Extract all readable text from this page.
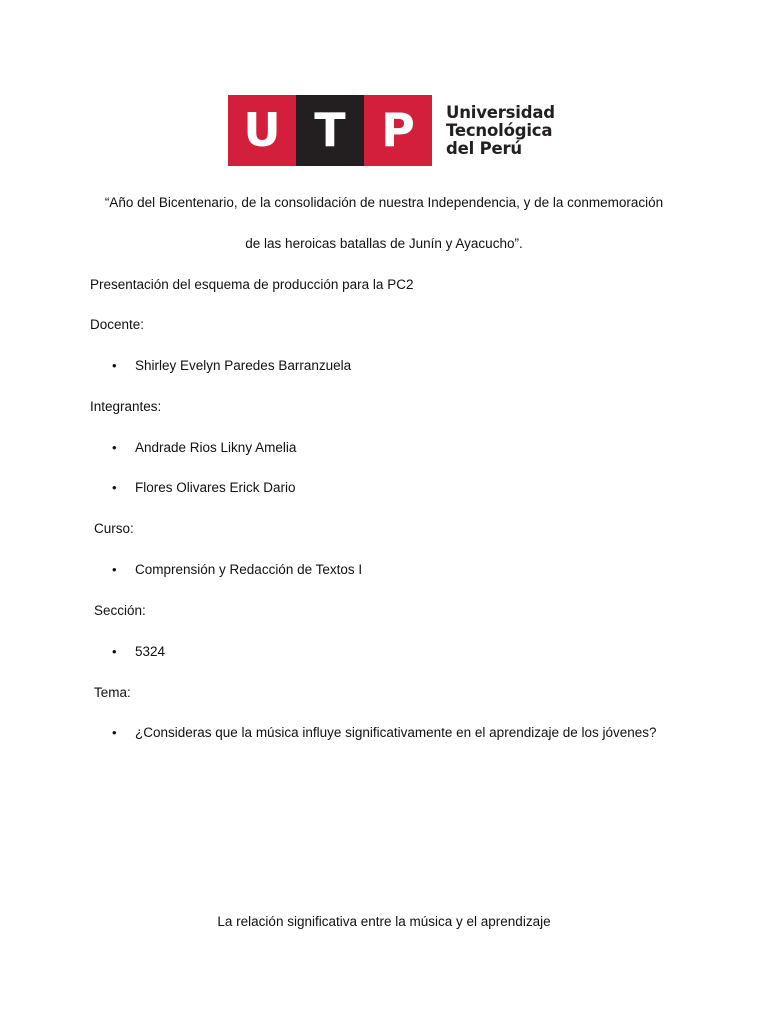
U T P	Universidad
Tecnológica
del Perú
“Año del Bicentenario, de la consolidación de nuestra Independencia, y de la conmemoración
de las heroicas batallas de Junín y Ayacucho”.
Presentación del esquema de producción para la PC2
Docente:
• Shirley Evelyn Paredes Barranzuela
Integrantes:
• Andrade Rios Likny Amelia
• Flores Olivares Erick Dario
Curso:
• Comprensión y Redacción de Textos I
Sección:
• 5324
Tema:
• ¿Consideras que la música influye significativamente en el aprendizaje de los jóvenes?
La relación significativa entre la música y el aprendizaje
